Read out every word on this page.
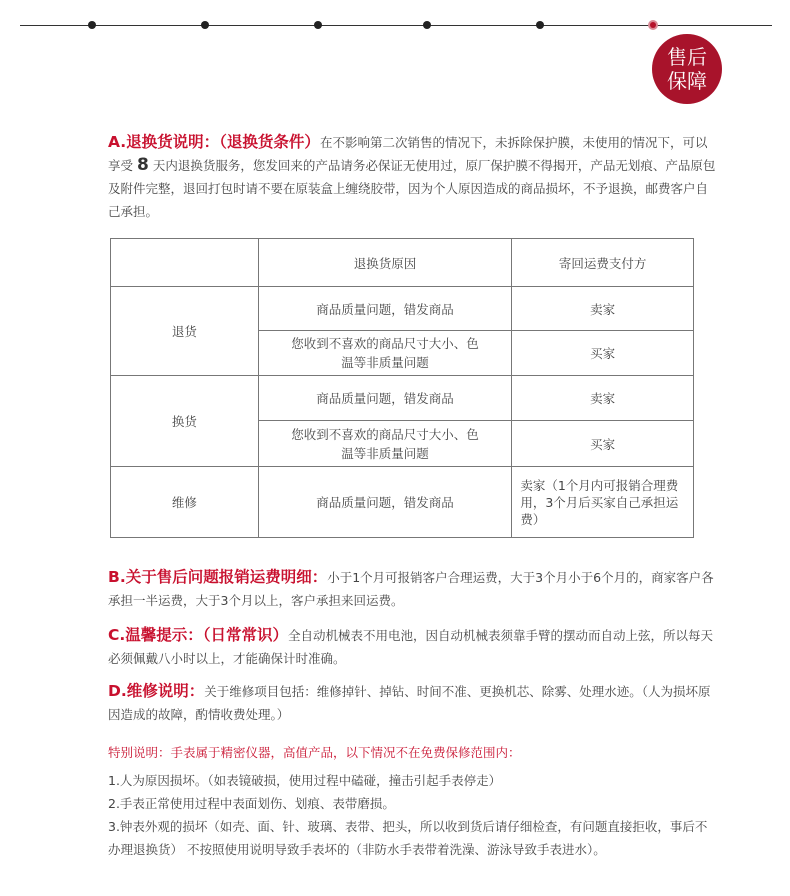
售后
保障
A.退换货说明：（退换货条件）在不影响第二次销售的情况下，未拆除保护膜，未使用的情况下，可以享受 8 天内退换货服务，您发回来的产品请务必保证无使用过，原厂保护膜不得揭开，产品无划痕、产品原包及附件完整，退回打包时请不要在原装盒上缠绕胶带，因为个人原因造成的商品损坏，不予退换，邮费客户自己承担。
	退换货原因	寄回运费支付方
退货	商品质量问题，错发商品	卖家
	您收到不喜欢的商品尺寸大小、色温等非质量问题	买家
换货	商品质量问题，错发商品	卖家
	您收到不喜欢的商品尺寸大小、色温等非质量问题	买家
维修	商品质量问题，错发商品	卖家（1个月内可报销合理费用，3个月后买家自己承担运费）
B.关于售后问题报销运费明细：小于1个月可报销客户合理运费，大于3个月小于6个月的，商家客户各承担一半运费，大于3个月以上，客户承担来回运费。
C.温馨提示：（日常常识）全自动机械表不用电池，因自动机械表须靠手臂的摆动而自动上弦，所以每天必须佩戴八小时以上，才能确保计时准确。
D.维修说明：关于维修项目包括：维修掉针、掉钻、时间不准、更换机芯、除雾、处理水迹。（人为损坏原因造成的故障，酌情收费处理。）
特别说明：手表属于精密仪器，高值产品，以下情况不在免费保修范围内：
1.人为原因损坏。（如表镜破损，使用过程中磕碰，撞击引起手表停走）
2.手表正常使用过程中表面划伤、划痕、表带磨损。
3.钟表外观的损坏（如壳、面、针、玻璃、表带、把头，所以收到货后请仔细检查，有问题直接拒收，事后不办理退换货） 不按照使用说明导致手表坏的（非防水手表带着洗澡、游泳导致手表进水）。
